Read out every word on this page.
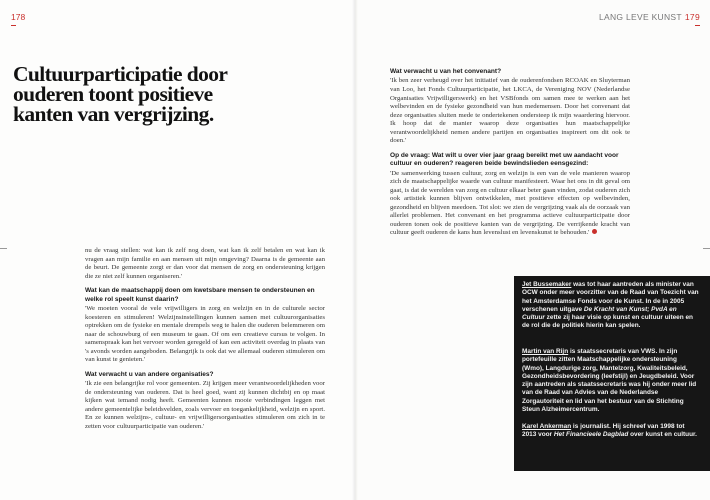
178	LANG LEVE KUNST 179
Cultuurparticipatie door
ouderen toont positieve
kanten van vergrijzing.

nu de vraag stellen: wat kan ik zelf nog doen, wat kan ik zelf betalen en wat kan ik vragen aan mijn familie en aan mensen uit mijn omgeving? Daarna is de gemeente aan de beurt. De gemeente zorgt er dan voor dat mensen de zorg en ondersteuning krijgen die ze niet zelf kunnen organiseren.'

Wat kan de maatschappij doen om kwetsbare mensen te ondersteunen en welke rol speelt kunst daarin?

'We moeten vooral de vele vrijwilligers in zorg en welzijn en in de culturele sector koesteren en stimuleren! Welzijnsinstellingen kunnen samen met cultuurorganisaties optrekken om de fysieke en mentale drempels weg te halen die ouderen belemmeren om naar de schouwburg of een museum te gaan. Of om een creatieve cursus te volgen. In samenspraak kan het vervoer worden geregeld of kan een activiteit overdag in plaats van 's avonds worden aangeboden. Belangrijk is ook dat we allemaal ouderen stimuleren om van kunst te genieten.'

Wat verwacht u van andere organisaties?

'Ik zie een belangrijke rol voor gemeenten. Zij krijgen meer verantwoordelijkheden voor de ondersteuning van ouderen. Dat is heel goed, want zij kunnen dichtbij en op maat kijken wat iemand nodig heeft. Gemeenten kunnen mooie verbindingen leggen met andere gemeentelijke beleidsvelden, zoals vervoer en toegankelijkheid, welzijn en sport. En ze kunnen welzijns-, cultuur- en vrijwilligersorganisaties stimuleren om zich in te zetten voor cultuurparticipatie van ouderen.'

Wat verwacht u van het convenant?

'Ik ben zeer verheugd over het initiatief van de ouderenfondsen RCOAK en Sluyterman van Loo, het Fonds Cultuurparticipatie, het LKCA, de Vereniging NOV (Nederlandse Organisaties Vrijwilligerswerk) en het VSBfonds om samen mee te werken aan het welbevinden en de fysieke gezondheid van hun medemensen. Door het convenant dat deze organisaties sluiten mede te ondertekenen ondersteep ik mijn waardering hiervoor. Ik hoop dat de manier waarop deze organisaties hun maatschappelijke verantwoordelijkheid nemen andere partijen en organisaties inspireert om dit ook te doen.'

Op de vraag: Wat wilt u over vier jaar graag bereikt met uw aandacht voor cultuur en ouderen? reageren beide bewindslieden eensgezind:

'De samenwerking tussen cultuur, zorg en welzijn is een van de vele manieren waarop zich de maatschappelijke waarde van cultuur manifesteert. Waar het ons in dit geval om gaat, is dat de werelden van zorg en cultuur elkaar beter gaan vinden, zodat ouderen zich ook artistiek kunnen blijven ontwikkelen, met positieve effecten op welbevinden, gezondheid en blijven meedoen. Tot slot: we zien de vergrijzing vaak als de oorzaak van allerlei problemen. Het convenant en het programma actieve cultuurparticipatie door ouderen tonen ook de positieve kanten van de vergrijzing. De verrijkende kracht van cultuur geeft ouderen de kans hun levenslust en levenskunst te behouden.'

Jet Bussemaker was tot haar aantreden als minister van OCW onder meer voorzitter van de Raad van Toezicht van het Amsterdamse Fonds voor de Kunst. In de in 2005 verschenen uitgave De Kracht van Kunst; PvdA en Cultuur zette zij haar visie op kunst en cultuur uiteen en de rol die de politiek hierin kan spelen.
Martin van Rijn is staatssecretaris van VWS. In zijn portefeuille zitten Maatschappelijke ondersteuning (Wmo), Langdurige zorg, Mantelzorg, Kwaliteitsbeleid, Gezondheidsbevordering (leefstijl) en Jeugdbeleid. Voor zijn aantreden als staatssecretaris was hij onder meer lid van de Raad van Advies van de Nederlandse Zorgautoriteit en lid van het bestuur van de Stichting Steun Alzheimercentrum.
Karel Ankerman is journalist. Hij schreef van 1998 tot 2013 voor Het Financieele Dagblad over kunst en cultuur.
